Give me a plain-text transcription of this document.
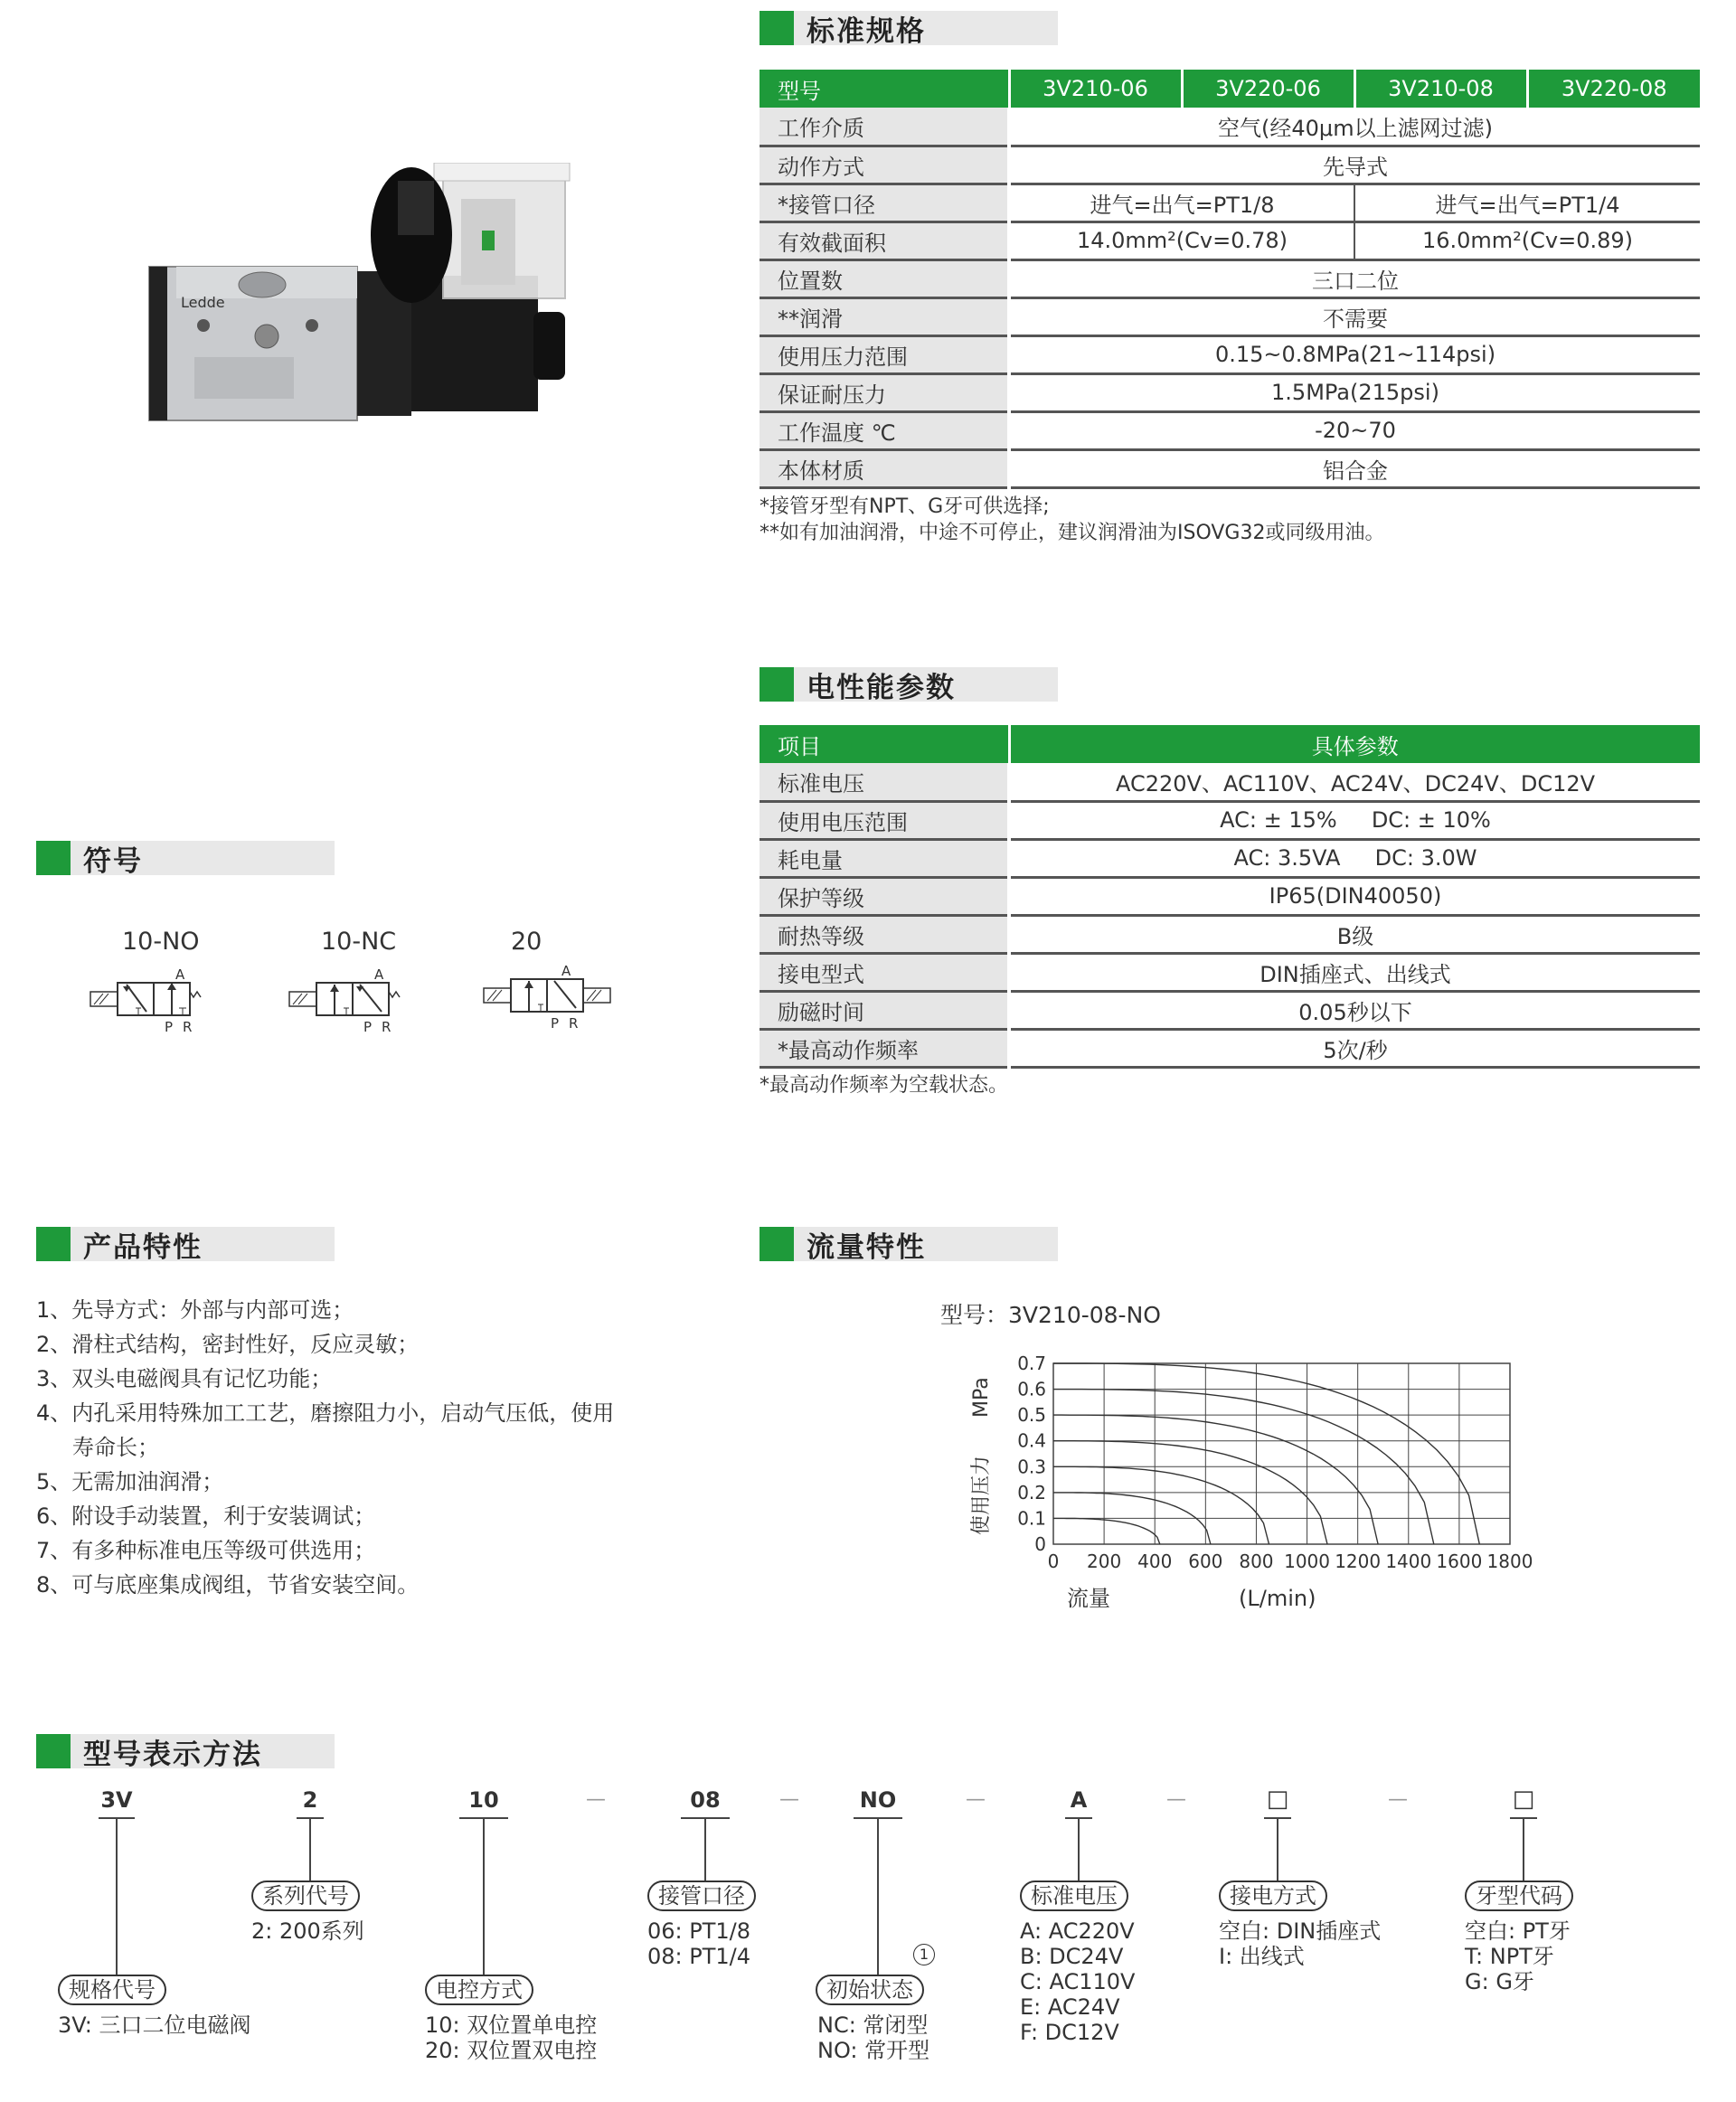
Ledde
标准规格
型号	3V210-06	3V220-06	3V210-08	3V220-08
工作介质	空气(经40μm以上滤网过滤)			
动作方式	先导式			
*接管口径	进气=出气=PT1/8		进气=出气=PT1/4	
有效截面积	14.0mm²(Cv=0.78)		16.0mm²(Cv=0.89)	
位置数	三口二位			
**润滑	不需要			
使用压力范围	0.15~0.8MPa(21~114psi)			
保证耐压力	1.5MPa(215psi)			
工作温度 ℃	-20~70			
本体材质	铝合金			
*接管牙型有NPT、G牙可供选择;
**如有加油润滑，中途不可停止，建议润滑油为ISOVG32或同级用油。
电性能参数
项目	具体参数
标准电压	AC220V、AC110V、AC24V、DC24V、DC12V
使用电压范围	AC: ± 15%     DC: ± 10%
耗电量	AC: 3.5VA     DC: 3.0W
保护等级	IP65(DIN40050)
耐热等级	B级
接电型式	DIN插座式、出线式
励磁时间	0.05秒以下
*最高动作频率	5次/秒
*最高动作频率为空载状态。
符号
10-NO
A
P R
10-NC
A
P R
20
A
P R
产品特性
1、先导方式：外部与内部可选；
2、滑柱式结构，密封性好，反应灵敏；
3、双头电磁阀具有记忆功能；
4、内孔采用特殊加工工艺，磨擦阻力小，启动气压低，使用
寿命长；
5、无需加油润滑；
6、附设手动装置，利于安装调试；
7、有多种标准电压等级可供选用；
8、可与底座集成阀组，节省安装空间。
流量特性
型号：3V210-08-NO
0 200 400 600 800 1000 1200 1400 1600 1800
0
0.1
0.2
0.3
0.4
0.5
0.6
0.7
使用压力
MPa
流量	(L/min)
型号表示方法
3V	2	10	08	NO	A	□	□
—	—	—	—	—
规格代号
3V: 三口二位电磁阀
系列代号
2: 200系列
电控方式
10: 双位置单电控
20: 双位置双电控
接管口径
06: PT1/8
08: PT1/4	1
初始状态
NC: 常闭型
NO: 常开型
标准电压
A: AC220V
B: DC24V
C: AC110V
E: AC24V
F: DC12V
接电方式
空白: DIN插座式
I: 出线式
牙型代码
空白: PT牙
T: NPT牙
G: G牙
